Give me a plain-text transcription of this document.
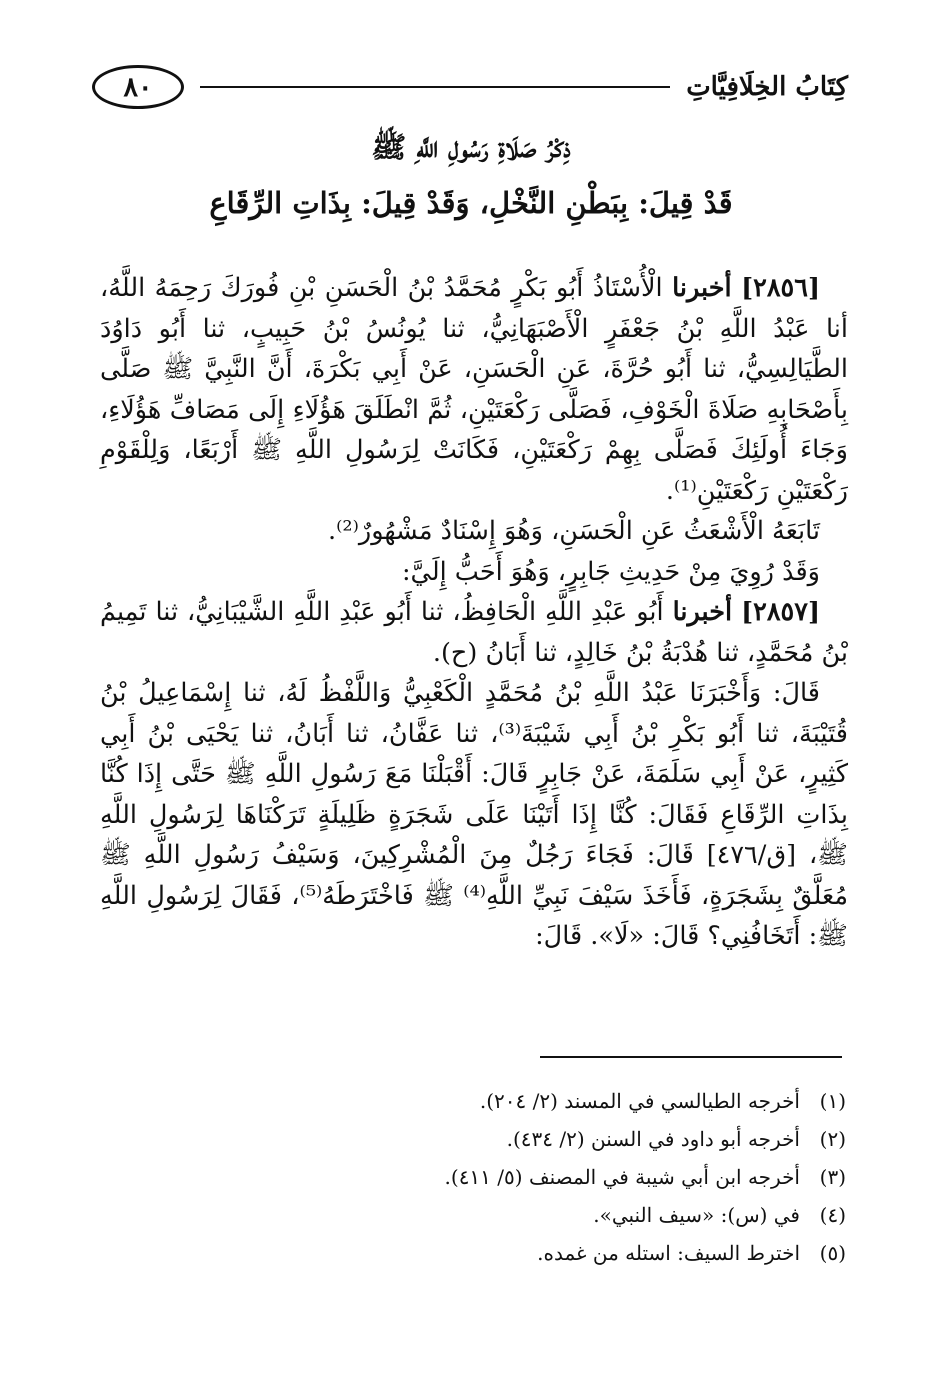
٨٠	كِتَابُ الخِلَافِيَّاتِ
ذِكْرُ صَلَاةِ رَسُولِ اللَّهِ ﷺ
قَدْ قِيلَ: بِبَطْنِ النَّخْلِ، وَقَدْ قِيلَ: بِذَاتِ الرِّقَاعِ

[٢٨٥٦] أخبرنا الْأُسْتَاذُ أَبُو بَكْرٍ مُحَمَّدُ بْنُ الْحَسَنِ بْنِ فُورَكَ رَحِمَهُ اللَّهُ، أنا عَبْدُ اللَّهِ بْنُ جَعْفَرٍ الْأَصْبَهَانِيُّ، ثنا يُونُسُ بْنُ حَبِيبٍ، ثنا أَبُو دَاوُدَ الطَّيَالِسِيُّ، ثنا أَبُو حُرَّةَ، عَنِ الْحَسَنِ، عَنْ أَبِي بَكْرَةَ، أَنَّ النَّبِيَّ ﷺ صَلَّى بِأَصْحَابِهِ صَلَاةَ الْخَوْفِ، فَصَلَّى رَكْعَتَيْنِ، ثُمَّ انْطَلَقَ هَؤُلَاءِ إِلَى مَصَافِّ هَؤُلَاءِ، وَجَاءَ أُولَئِكَ فَصَلَّى بِهِمْ رَكْعَتَيْنِ، فَكَانَتْ لِرَسُولِ اللَّهِ ﷺ أَرْبَعًا، وَلِلْقَوْمِ رَكْعَتَيْنِ رَكْعَتَيْنِ⁽¹⁾.

تَابَعَهُ الْأَشْعَثُ عَنِ الْحَسَنِ، وَهُوَ إِسْنَادٌ مَشْهُورٌ⁽²⁾.

وَقَدْ رُوِيَ مِنْ حَدِيثِ جَابِرٍ، وَهُوَ أَحَبُّ إِلَيَّ:

[٢٨٥٧] أخبرنا أَبُو عَبْدِ اللَّهِ الْحَافِظُ، ثنا أَبُو عَبْدِ اللَّهِ الشَّيْبَانِيُّ، ثنا تَمِيمُ بْنُ مُحَمَّدٍ، ثنا هُدْبَةُ بْنُ خَالِدٍ، ثنا أَبَانُ (ح).

قَالَ: وَأَخْبَرَنَا عَبْدُ اللَّهِ بْنُ مُحَمَّدٍ الْكَعْبِيُّ وَاللَّفْظُ لَهُ، ثنا إِسْمَاعِيلُ بْنُ قُتَيْبَةَ، ثنا أَبُو بَكْرِ بْنُ أَبِي شَيْبَةَ⁽³⁾، ثنا عَفَّانُ، ثنا أَبَانُ، ثنا يَحْيَى بْنُ أَبِي كَثِيرٍ، عَنْ أَبِي سَلَمَةَ، عَنْ جَابِرٍ قَالَ: أَقْبَلْنَا مَعَ رَسُولِ اللَّهِ ﷺ حَتَّى إِذَا كُنَّا بِذَاتِ الرِّقَاعِ فَقَالَ: كُنَّا إِذَا أَتَيْنَا عَلَى شَجَرَةٍ ظَلِيلَةٍ تَرَكْنَاهَا لِرَسُولِ اللَّهِ ﷺ، [ق/٤٧٦] قَالَ: فَجَاءَ رَجُلٌ مِنَ الْمُشْرِكِينَ، وَسَيْفُ رَسُولِ اللَّهِ ﷺ مُعَلَّقٌ بِشَجَرَةٍ، فَأَخَذَ سَيْفَ نَبِيِّ اللَّهِ⁽⁴⁾ ﷺ فَاخْتَرَطَهُ⁽⁵⁾، فَقَالَ لِرَسُولِ اللَّهِ ﷺ: أَتَخَافُنِي؟ قَالَ: «لَا». قَالَ:

(١)أخرجه الطيالسي في المسند (٢/ ٢٠٤).

(٢)أخرجه أبو داود في السنن (٢/ ٤٣٤).

(٣)أخرجه ابن أبي شيبة في المصنف (٥/ ٤١١).

(٤)في (س): «سيف النبي».

(٥)اخترط السيف: استله من غمده.
